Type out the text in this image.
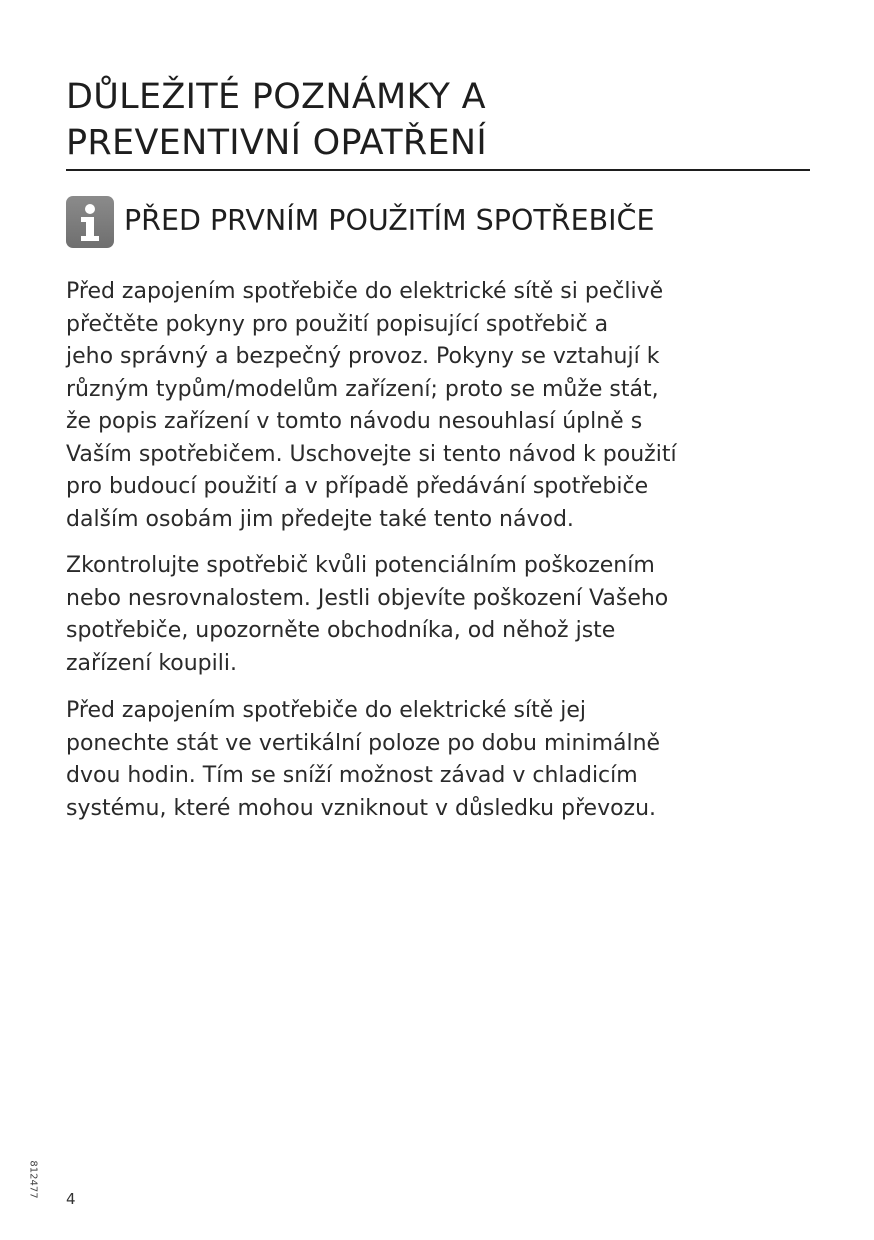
DŮLEŽITÉ POZNÁMKY A
PREVENTIVNÍ OPATŘENÍ
PŘED PRVNÍM POUŽITÍM SPOTŘEBIČE
Před zapojením spotřebiče do elektrické sítě si pečlivě
přečtěte pokyny pro použití popisující spotřebič a
jeho správný a bezpečný provoz. Pokyny se vztahují k
různým typům/modelům zařízení; proto se může stát,
že popis zařízení v tomto návodu nesouhlasí úplně s
Vaším spotřebičem. Uschovejte si tento návod k použití
pro budoucí použití a v případě předávání spotřebiče
dalším osobám jim předejte také tento návod.
Zkontrolujte spotřebič kvůli potenciálním poškozením
nebo nesrovnalostem. Jestli objevíte poškození Vašeho
spotřebiče, upozorněte obchodníka, od něhož jste
zařízení koupili.
Před zapojením spotřebiče do elektrické sítě jej
ponechte stát ve vertikální poloze po dobu minimálně
dvou hodin. Tím se sníží možnost závad v chladicím
systému, které mohou vzniknout v důsledku převozu.
812477
4
